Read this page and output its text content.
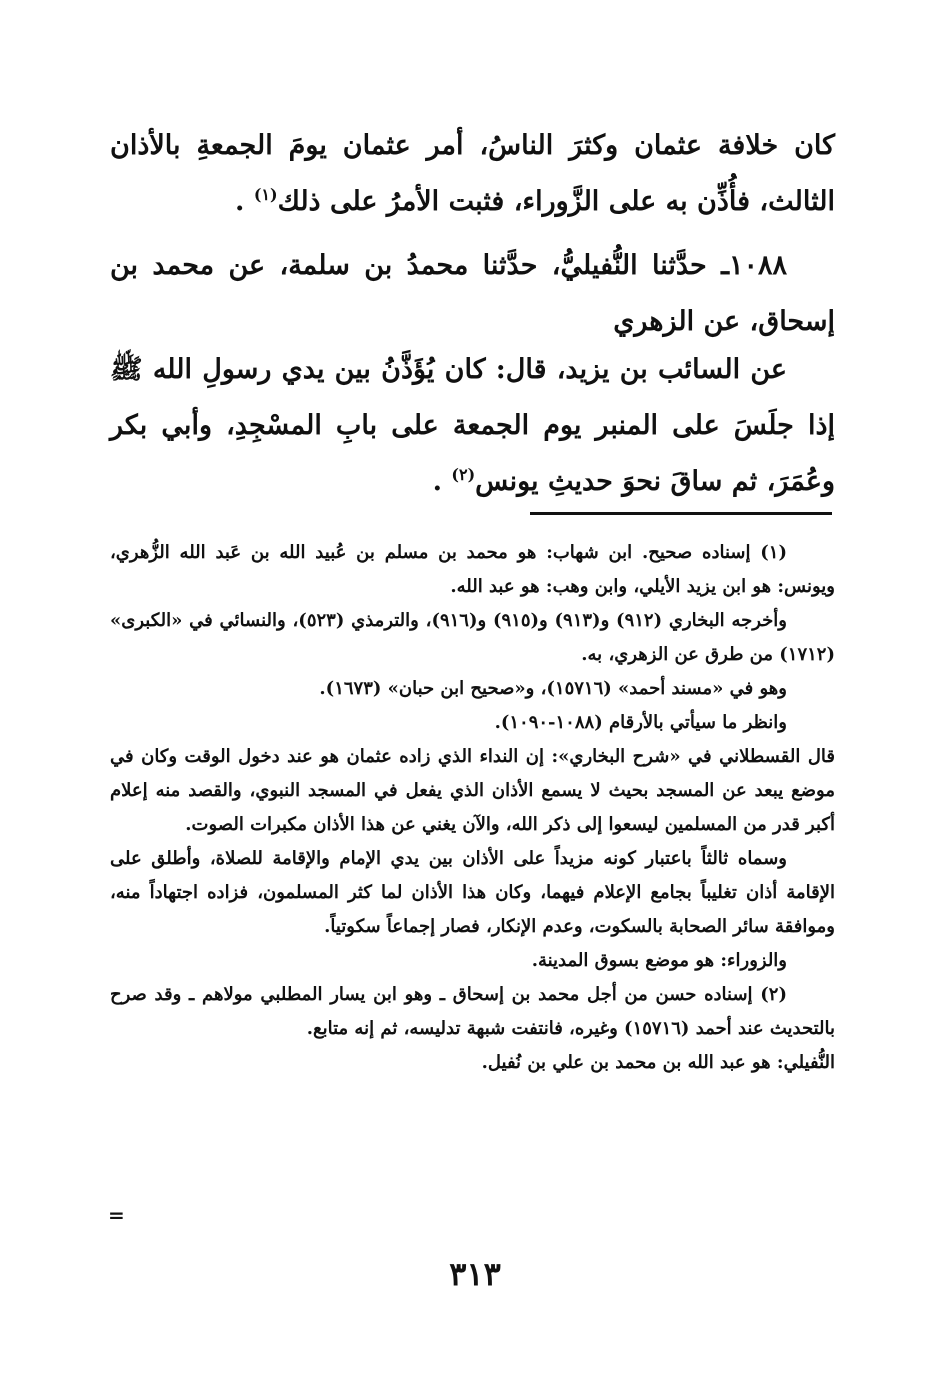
كان خلافة عثمان وكثرَ الناسُ، أمر عثمان يومَ الجمعةِ بالأذان الثالث، فأُذِّن به على الزَّوراء، فثبت الأمرُ على ذلك$^{(١)}$ .

١٠٨٨ـ حدَّثنا النُّفيليُّ، حدَّثنا محمدُ بن سلمة، عن محمد بن إسحاق، عن الزهري

عن السائب بن يزيد، قال: كان يُؤَذَّنُ بين يدي رسولِ الله ﷺ إذا جلَسَ على المنبر يوم الجمعة على بابِ المسْجِدِ، وأبي بكر وعُمَرَ، ثم ساقَ نحوَ حديثِ يونس$^{(٢)}$ .

(١) إسناده صحيح. ابن شهاب: هو محمد بن مسلم بن عُبيد الله بن عَبد الله الزُّهري، ويونس: هو ابن يزيد الأيلي، وابن وهب: هو عبد الله.

وأخرجه البخاري (٩١٢) و(٩١٣) و(٩١٥) و(٩١٦)، والترمذي (٥٢٣)، والنسائي في «الكبرى» (١٧١٢) من طرق عن الزهري، به.

وهو في «مسند أحمد» (١٥٧١٦)، و«صحيح ابن حبان» (١٦٧٣).

وانظر ما سيأتي بالأرقام (١٠٨٨-١٠٩٠).

قال القسطلاني في «شرح البخاري»: إن النداء الذي زاده عثمان هو عند دخول الوقت وكان في موضع يبعد عن المسجد بحيث لا يسمع الأذان الذي يفعل في المسجد النبوي، والقصد منه إعلام أكبر قدر من المسلمين ليسعوا إلى ذكر الله، والآن يغني عن هذا الأذان مكبرات الصوت.

وسماه ثالثاً باعتبار كونه مزيداً على الأذان بين يدي الإمام والإقامة للصلاة، وأطلق على الإقامة أذان تغليباً بجامع الإعلام فيهما، وكان هذا الأذان لما كثر المسلمون، فزاده اجتهاداً منه، وموافقة سائر الصحابة بالسكوت، وعدم الإنكار، فصار إجماعاً سكوتياً.

والزوراء: هو موضع بسوق المدينة.

(٢) إسناده حسن من أجل محمد بن إسحاق ـ وهو ابن يسار المطلبي مولاهم ـ وقد صرح بالتحديث عند أحمد (١٥٧١٦) وغيره، فانتفت شبهة تدليسه، ثم إنه متابع.

النُّفيلي: هو عبد الله بن محمد بن علي بن نُفيل.

=
٣١٣
